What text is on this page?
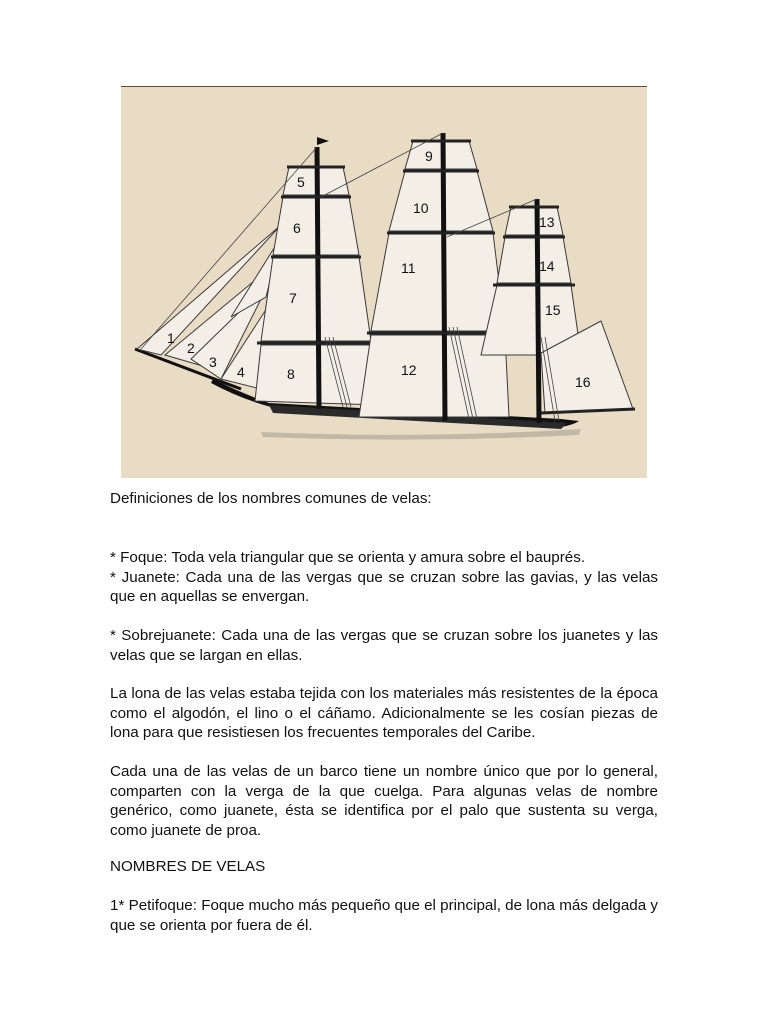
1
2
3
4
5
6
7
8
9
10
11
12
13
14
15
16

Definiciones de los nombres comunes de velas:

* Foque: Toda vela triangular que se orienta y amura sobre el bauprés.

* Juanete: Cada una de las vergas que se cruzan sobre las gavias, y las velas que en aquellas se envergan.

* Sobrejuanete: Cada una de las vergas que se cruzan sobre los juanetes y las velas que se largan en ellas.

La lona de las velas estaba tejida con los materiales más resistentes de la época como el algodón, el lino o el cáñamo. Adicionalmente se les cosían piezas de lona para que resistiesen los frecuentes temporales del Caribe.

Cada una de las velas de un barco tiene un nombre único que por lo general, comparten con la verga de la que cuelga. Para algunas velas de nombre genérico, como juanete, ésta se identifica por el palo que sustenta su verga, como juanete de proa.

NOMBRES DE VELAS

1* Petifoque: Foque mucho más pequeño que el principal, de lona más delgada y que se orienta por fuera de él.
